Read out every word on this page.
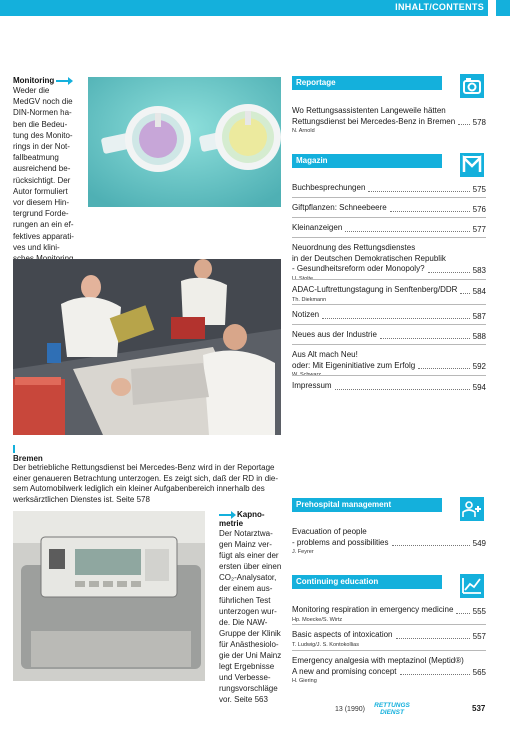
INHALT/CONTENTS
Monitoring
Weder die
MedGV noch die
DIN-Normen ha-
ben die Bedeu-
tung des Monito-
rings in der Not-
fallbeatmung
ausreichend be-
rücksichtigt. Der
Autor formuliert
vor diesem Hin-
tergrund Forde-
rungen an ein ef-
fektives apparati-
ves und klini-
Bremen
Der betriebliche Rettungsdienst bei Mercedes-Benz wird in der Reportage
einer genaueren Betrachtung unterzogen. Es zeigt sich, daß der RD in die-
sem Automobilwerk lediglich ein kleiner Aufgabenbereich innerhalb des
werksärztlichen Dienstes ist. Seite 578
Kapno-
metrie
Der Notarztwa-
gen Mainz ver-
fügt als einer der
ersten über einen
CO₂-Analysator,
der einem aus-
führlichen Test
unterzogen wur-
de. Die NAW-
Gruppe der Klinik
für Anästhesiolo-
gie der Uni Mainz
legt Ergebnisse
und Verbesse-
rungsvorschläge
vor. Seite 563
Reportage
Wo Rettungsassistenten Langeweile hätten
Rettungsdienst bei Mercedes-Benz in Bremen 578
N. Arnold
Magazin
Buchbesprechungen	575
Giftpflanzen: Schneebeere	576
Kleinanzeigen	577
Neuordnung des Rettungsdienstes
in der Deutschen Demokratischen Republik
- Gesundheitsreform oder Monopoly?	583
U. Stolte
ADAC-Luftrettungstagung in Senftenberg/DDR 584
Th. Diekmann
Notizen	587
Neues aus der Industrie	588
Aus Alt mach Neu!
oder: Mit Eigeninitiative zum Erfolg	592
W. Schwarz
Impressum	594
Prehospital management
Evacuation of people
- problems and possibilities	549
J. Feyrer
Continuing education
Monitoring respiration in emergency medicine 555
Hp. Moecke/S. Wirtz
Basic aspects of intoxication	557
T. Ludwig/J. S. Kontokollias
Emergency analgesia with meptazinol (Meptid®)
A new and promising concept	565
H. Giering
13 (1990)
RETTUNGS
DIENST	537
